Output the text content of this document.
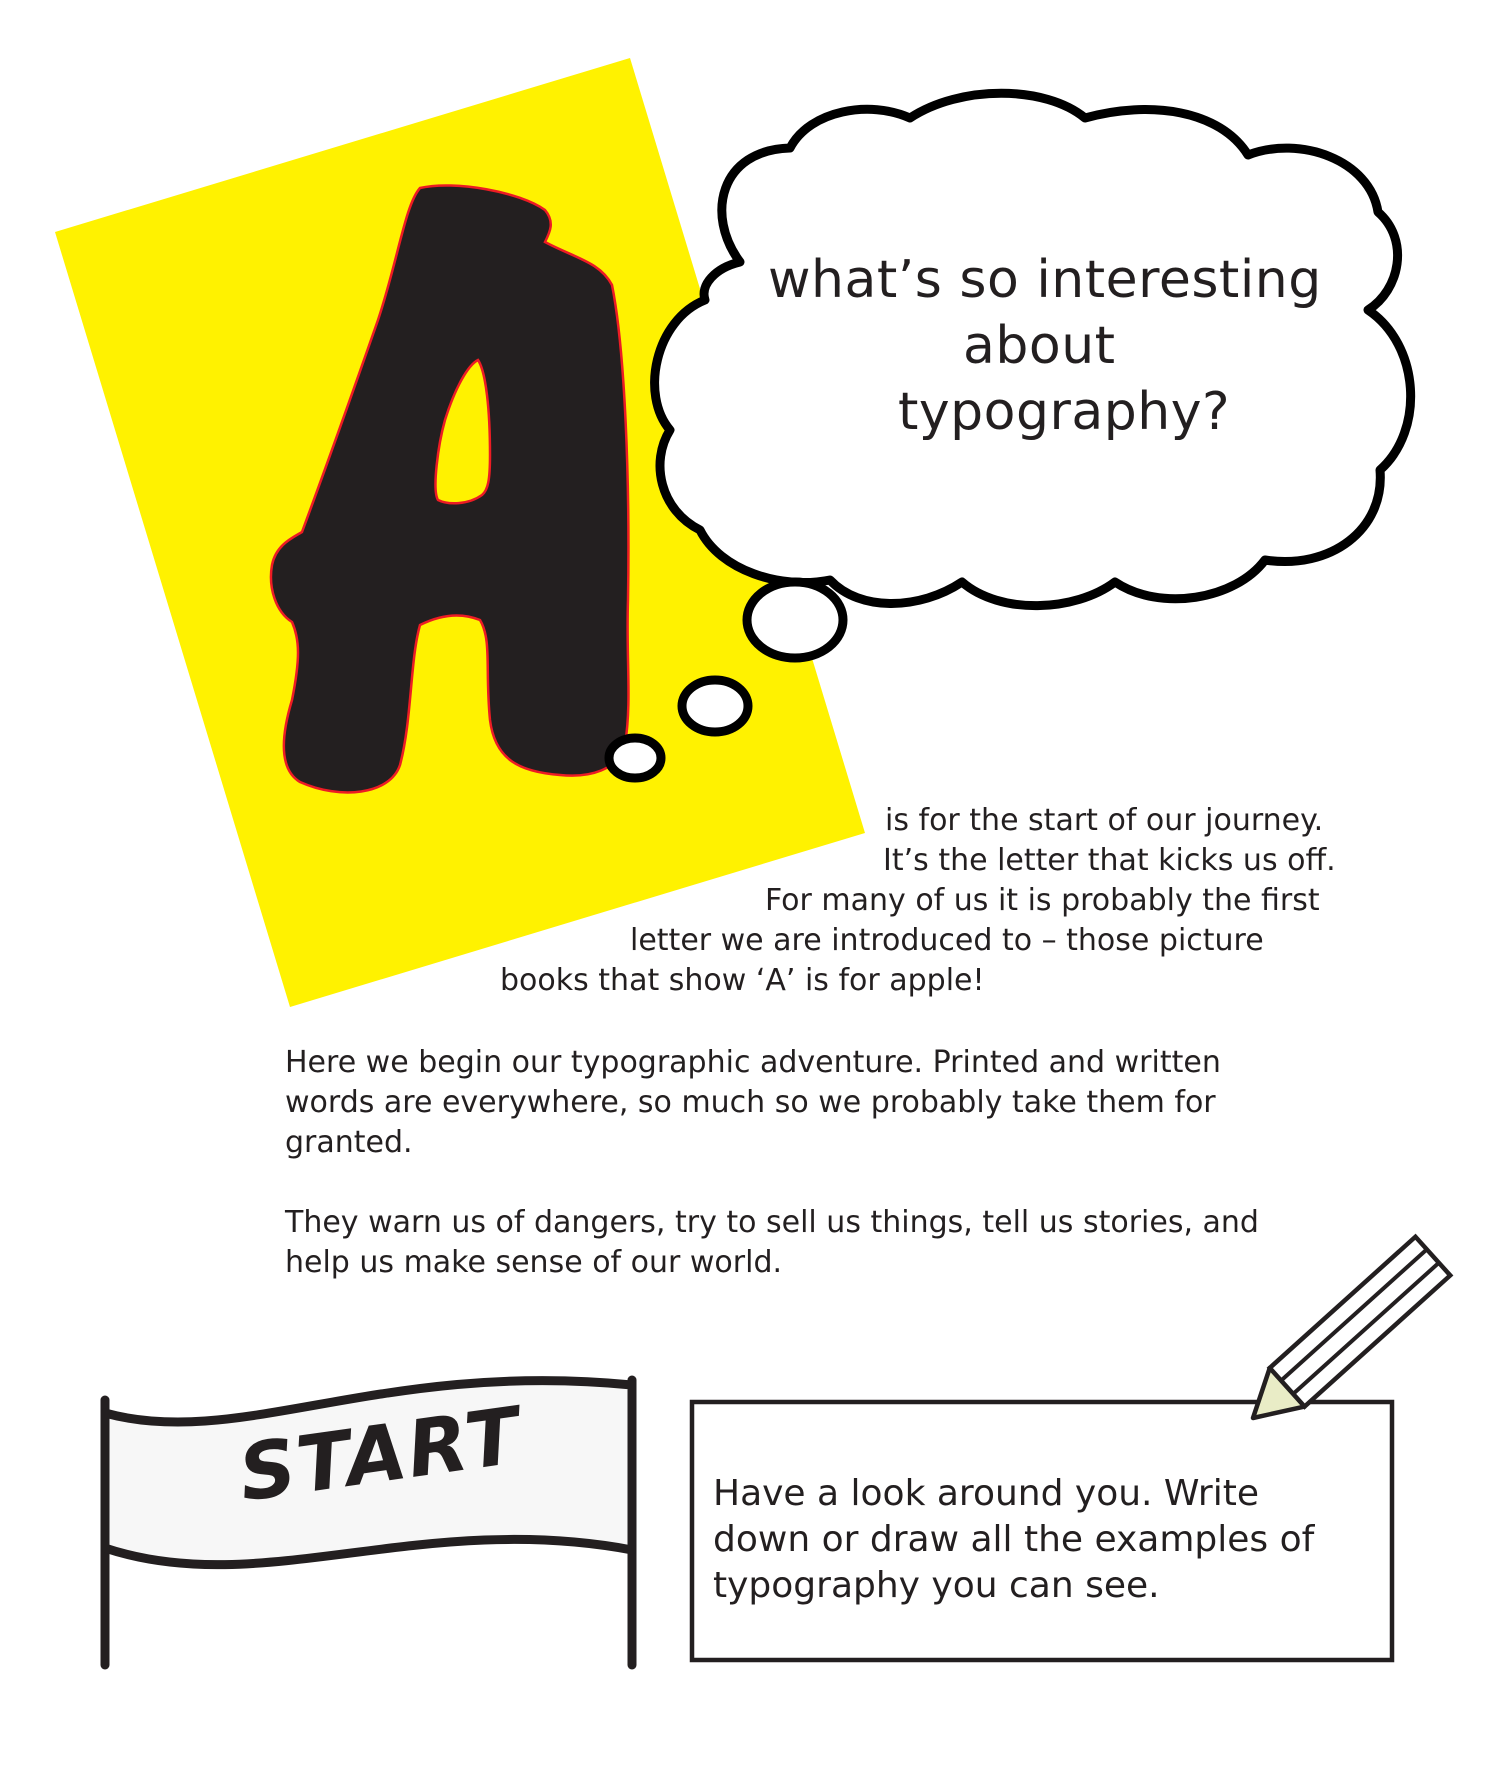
what’s so interesting

about

typography?

is for the start of our journey.

It’s the letter that kicks us off.

For many of us it is probably the first

letter we are introduced to – those picture

books that show ‘A’ is for apple!

Here we begin our typographic adventure. Printed and written

words are everywhere, so much so we probably take them for

granted.

They warn us of dangers, try to sell us things, tell us stories, and

help us make sense of our world.

START	Have a look around you. Write

down or draw all the examples of

typography you can see.
